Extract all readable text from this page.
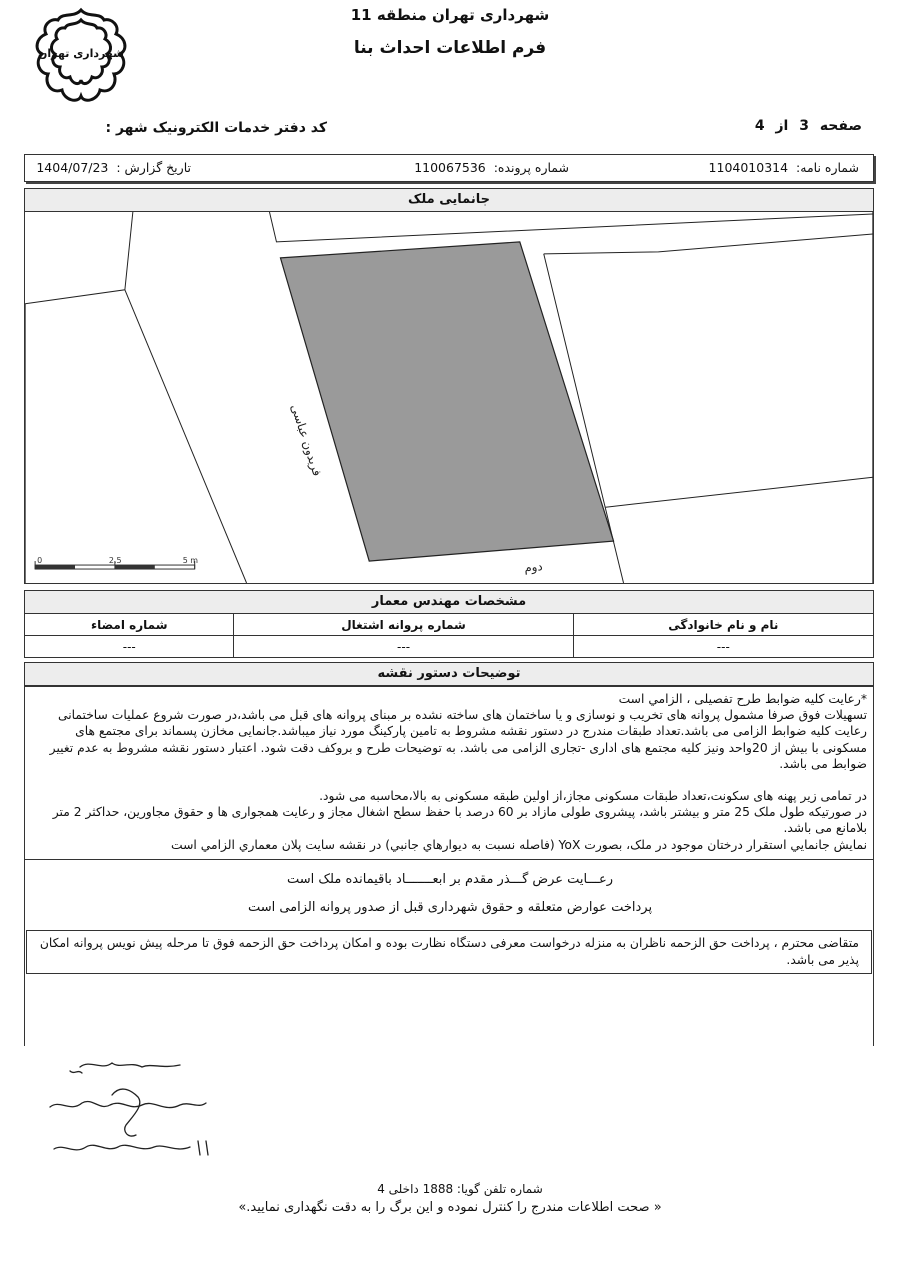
شهرداری تهران
شهرداری تهران منطقه 11
فرم اطلاعات احداث بنا
کد دفتر خدمات الکترونیک شهر :	صفحه 3 از 4
شماره نامه:  1104010314
شماره پرونده:  110067536
تاریخ گزارش :  1404/07/23
جانمایی ملک
0	2.5	5 m
فریدون عباسی
دوم
مشخصات مهندس معمار
نام و نام خانوادگی	شماره پروانه اشتغال	شماره امضاء
---	---	---
توضیحات دستور نقشه

*رعایت کلیه ضوابط طرح تفصیلی ، الزامي است

تسهیلات فوق صرفا مشمول پروانه های تخریب و نوسازی و یا ساختمان های ساخته نشده بر مبنای پروانه های قبل می باشد،در صورت شروع عملیات ساختمانی رعایت کلیه ضوابط الزامی می باشد.تعداد طبقات مندرج در دستور نقشه مشروط به تامین پارکینگ مورد نیاز میباشد.جانمایی مخازن پسماند برای مجتمع های مسکونی با بیش از 20واحد ونیز کلیه مجتمع های اداری -تجاری الزامی می باشد. به توضیحات طرح و بروکف دقت شود. اعتبار دستور نقشه مشروط به عدم تغییر ضوابط می باشد.

در تمامی زیر پهنه های سکونت،تعداد طبقات مسکونی مجاز،از اولین طبقه مسکونی به بالا،محاسبه می شود.

در صورتیکه طول ملک 25 متر و بیشتر باشد، پیشروی طولی مازاد بر 60 درصد با حفظ سطح اشغال مجاز و رعایت همجواری ها و حقوق مجاورین، حداکثر 2 متر بلامانع می باشد.

نمايش جانمايي استقرار درختان موجود در ملک، بصورت YoX (فاصله نسبت به ديوارهاي جانبي) در نقشه سايت پلان معماري الزامي است

رعـــایت عرض گـــذر مقدم بر ابعـــــــاد باقیمانده ملک است
پرداخت عوارض متعلقه و حقوق شهرداری قبل از صدور پروانه الزامی است
متقاضی محترم ، پرداخت حق الزحمه ناظران به منزله درخواست معرفی دستگاه نظارت بوده و امکان پرداخت حق الزحمه فوق تا مرحله پیش نویس پروانه امکان پذیر می باشد.
شماره تلفن گویا: 1888 داخلی 4
« صحت اطلاعات مندرج را کنترل نموده و این برگ را به دقت نگهداری نمایید.»
